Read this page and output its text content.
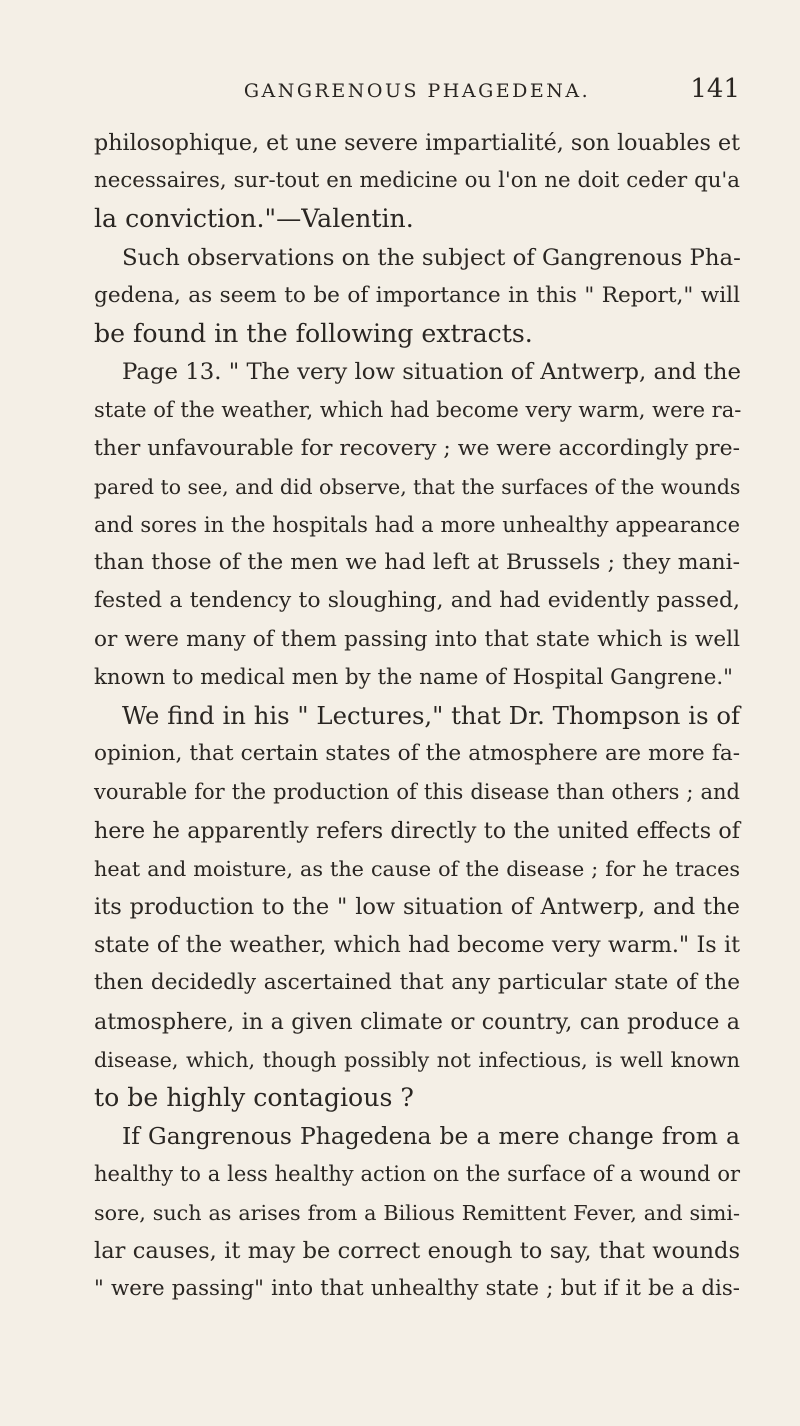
GANGRENOUS PHAGEDENA.	141
philosophique, et une severe impartialité, son louables et
necessaires, sur-tout en medicine ou l'on ne doit ceder qu'a
la conviction."—Valentin.
Such observations on the subject of Gangrenous Pha-
gedena, as seem to be of importance in this " Report," will
be found in the following extracts.
Page 13. " The very low situation of Antwerp, and the
state of the weather, which had become very warm, were ra-
ther unfavourable for recovery ; we were accordingly pre-
pared to see, and did observe, that the surfaces of the wounds
and sores in the hospitals had a more unhealthy appearance
than those of the men we had left at Brussels ; they mani-
fested a tendency to sloughing, and had evidently passed,
or were many of them passing into that state which is well
known to medical men by the name of Hospital Gangrene."
We find in his " Lectures," that Dr. Thompson is of
opinion, that certain states of the atmosphere are more fa-
vourable for the production of this disease than others ; and
here he apparently refers directly to the united effects of
heat and moisture, as the cause of the disease ; for he traces
its production to the " low situation of Antwerp, and the
state of the weather, which had become very warm." Is it
then decidedly ascertained that any particular state of the
atmosphere, in a given climate or country, can produce a
disease, which, though possibly not infectious, is well known
to be highly contagious ?
If Gangrenous Phagedena be a mere change from a
healthy to a less healthy action on the surface of a wound or
sore, such as arises from a Bilious Remittent Fever, and simi-
lar causes, it may be correct enough to say, that wounds
" were passing" into that unhealthy state ; but if it be a dis-
